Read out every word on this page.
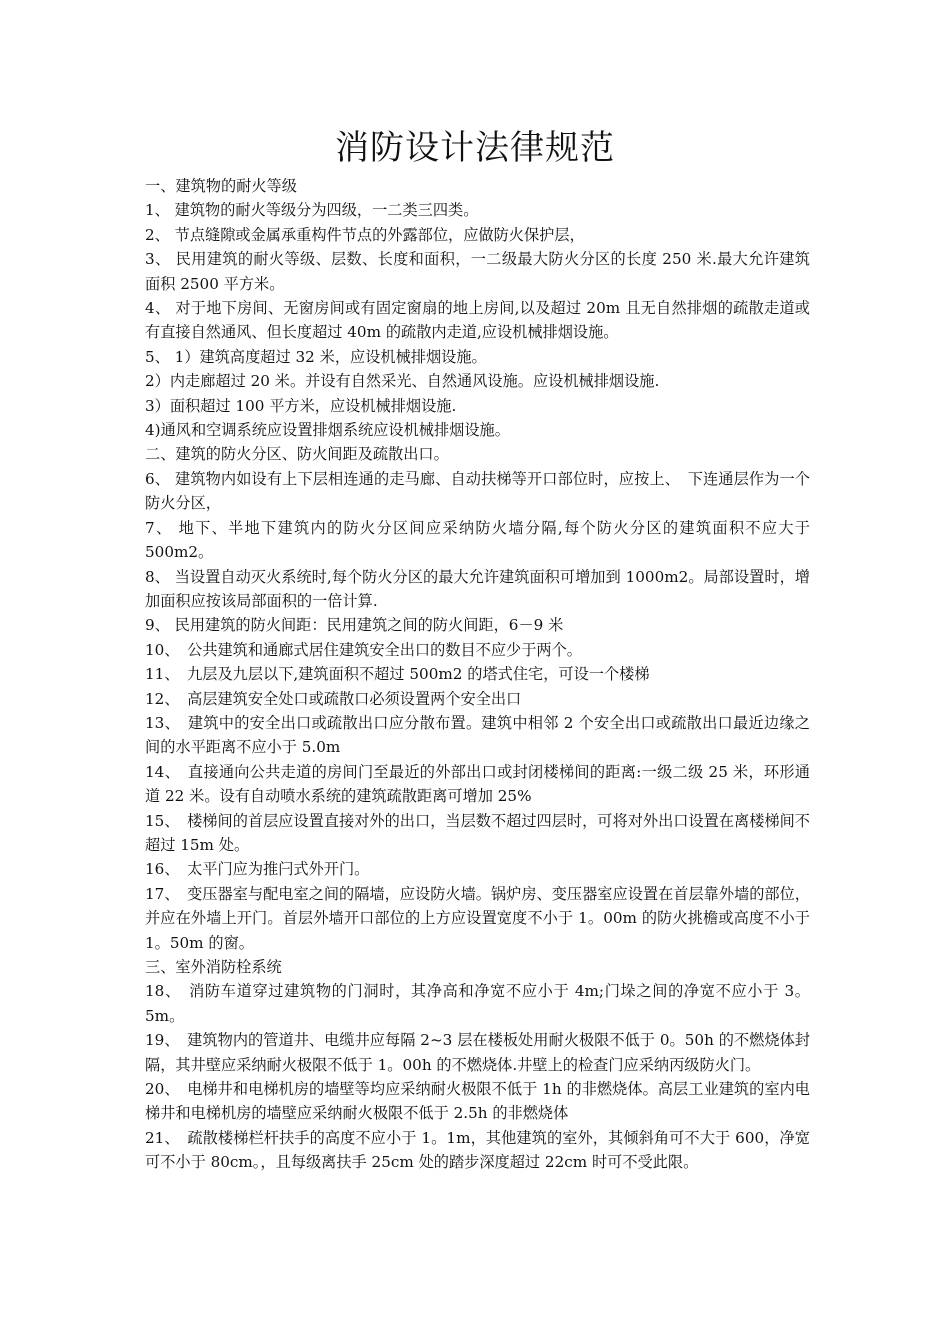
消防设计法律规范

一、建筑物的耐火等级

1、 建筑物的耐火等级分为四级，一二类三四类。

2、 节点缝隙或金属承重构件节点的外露部位，应做防火保护层，

3、 民用建筑的耐火等级、层数、长度和面积，一二级最大防火分区的长度 250 米.最大允许建筑面积 2500 平方米。

4、 对于地下房间、无窗房间或有固定窗扇的地上房间,以及超过 20m 且无自然排烟的疏散走道或有直接自然通风、但长度超过 40m 的疏散内走道,应设机械排烟设施。

5、 1）建筑高度超过 32 米，应设机械排烟设施。

2）内走廊超过 20 米。并设有自然采光、自然通风设施。应设机械排烟设施.

3）面积超过 100 平方米，应设机械排烟设施.

4)通风和空调系统应设置排烟系统应设机械排烟设施。

二、建筑的防火分区、防火间距及疏散出口。

6、 建筑物内如设有上下层相连通的走马廊、自动扶梯等开口部位时，应按上、　下连通层作为一个防火分区，

7、 地下、半地下建筑内的防火分区间应采纳防火墙分隔,每个防火分区的建筑面积不应大于 500m2。

8、 当设置自动灭火系统时,每个防火分区的最大允许建筑面积可增加到 1000m2。局部设置时，增加面积应按该局部面积的一倍计算.

9、 民用建筑的防火间距：民用建筑之间的防火间距，6－9 米

10、　公共建筑和通廊式居住建筑安全出口的数目不应少于两个。

11、　九层及九层以下,建筑面积不超过 500m2 的塔式住宅，可设一个楼梯

12、　高层建筑安全处口或疏散口必须设置两个安全出口

13、　建筑中的安全出口或疏散出口应分散布置。建筑中相邻 2 个安全出口或疏散出口最近边缘之间的水平距离不应小于 5.0m

14、　直接通向公共走道的房间门至最近的外部出口或封闭楼梯间的距离:一级二级 25 米，环形通道 22 米。设有自动喷水系统的建筑疏散距离可增加 25%

15、　楼梯间的首层应设置直接对外的出口，当层数不超过四层时，可将对外出口设置在离楼梯间不超过 15m 处。

16、　太平门应为推闩式外开门。

17、　变压器室与配电室之间的隔墙，应设防火墙。锅炉房、变压器室应设置在首层靠外墙的部位，并应在外墙上开门。首层外墙开口部位的上方应设置宽度不小于 1。00m 的防火挑檐或高度不小于 1。50m 的窗。

三、室外消防栓系统

18、　消防车道穿过建筑物的门洞时，其净高和净宽不应小于 4m;门垛之间的净宽不应小于 3。5m。

19、　建筑物内的管道井、电缆井应每隔 2~3 层在楼板处用耐火极限不低于 0。50h 的不燃烧体封隔，其井壁应采纳耐火极限不低于 1。00h 的不燃烧体.井壁上的检查门应采纳丙级防火门。

20、　电梯井和电梯机房的墙壁等均应采纳耐火极限不低于 1h 的非燃烧体。高层工业建筑的室内电梯井和电梯机房的墙壁应采纳耐火极限不低于 2.5h 的非燃烧体

21、　疏散楼梯栏杆扶手的高度不应小于 1。1m，其他建筑的室外，其倾斜角可不大于 600，净宽可不小于 80cm。，且每级离扶手 25cm 处的踏步深度超过 22cm 时可不受此限。
